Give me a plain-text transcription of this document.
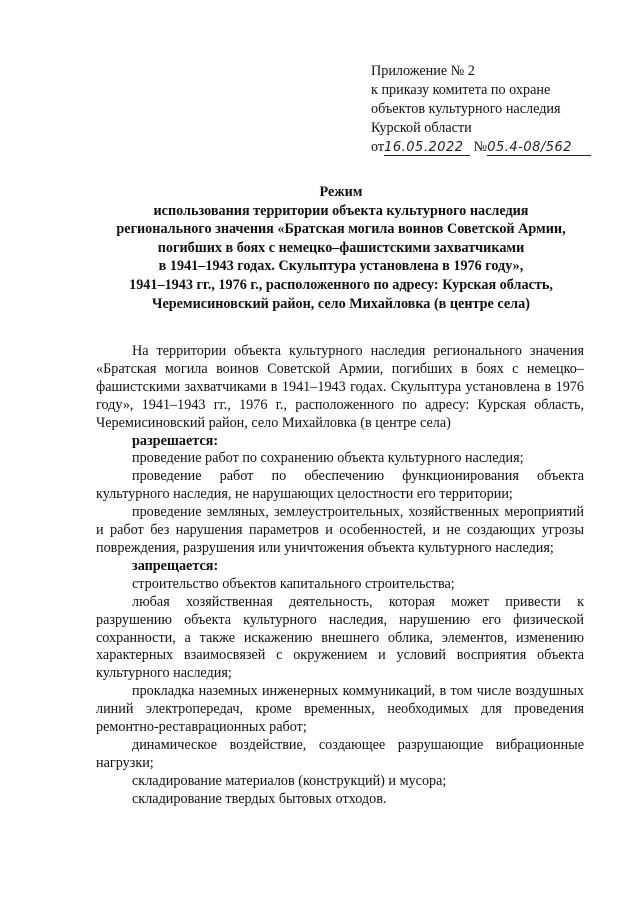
Приложение № 2
к приказу комитета по охране
объектов культурного наследия
Курской области
от16.05.2022 №05.4-08/562
Режим
использования территории объекта культурного наследия
регионального значения «Братская могила воинов Советской Армии,
погибших в боях с немецко–фашистскими захватчиками
в 1941–1943 годах. Скульптура установлена в 1976 году»,
1941–1943 гг., 1976 г., расположенного по адресу: Курская область,
Черемисиновский район, село Михайловка (в центре села)

На территории объекта культурного наследия регионального значения «Братская могила воинов Советской Армии, погибших в боях с немецко–фашистскими захватчиками в 1941–1943 годах. Скульптура установлена в 1976 году», 1941–1943 гг., 1976 г., расположенного по адресу: Курская область, Черемисиновский район, село Михайловка (в центре села)

разрешается:

проведение работ по сохранению объекта культурного наследия;

проведение работ по обеспечению функционирования объекта культурного наследия, не нарушающих целостности его территории;

проведение земляных, землеустроительных, хозяйственных мероприятий и работ без нарушения параметров и особенностей, и не создающих угрозы повреждения, разрушения или уничтожения объекта культурного наследия;

запрещается:

строительство объектов капитального строительства;

любая хозяйственная деятельность, которая может привести к разрушению объекта культурного наследия, нарушению его физической сохранности, а также искажению внешнего облика, элементов, изменению характерных взаимосвязей с окружением и условий восприятия объекта культурного наследия;

прокладка наземных инженерных коммуникаций, в том числе воздушных линий электропередач, кроме временных, необходимых для проведения ремонтно-реставрационных работ;

динамическое воздействие, создающее разрушающие вибрационные нагрузки;

складирование материалов (конструкций) и мусора;

складирование твердых бытовых отходов.
